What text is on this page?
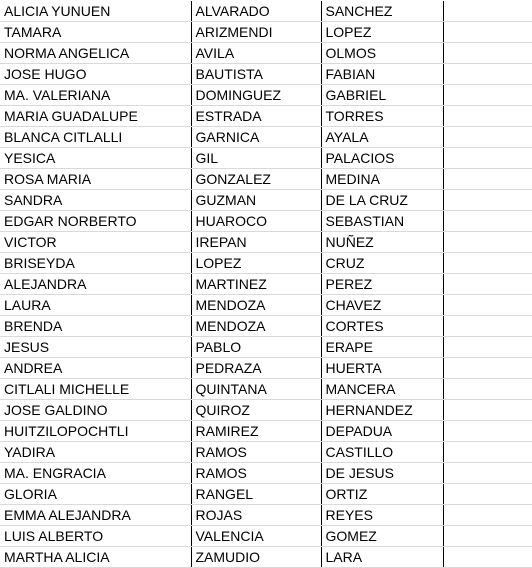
ALICIA YUNUEN	ALVARADO	SANCHEZ	
TAMARA	ARIZMENDI	LOPEZ	
NORMA ANGELICA	AVILA	OLMOS	
JOSE HUGO	BAUTISTA	FABIAN	
MA. VALERIANA	DOMINGUEZ	GABRIEL	
MARIA GUADALUPE	ESTRADA	TORRES	
BLANCA CITLALLI	GARNICA	AYALA	
YESICA	GIL	PALACIOS	
ROSA MARIA	GONZALEZ	MEDINA	
SANDRA	GUZMAN	DE LA CRUZ	
EDGAR NORBERTO	HUAROCO	SEBASTIAN	
VICTOR	IREPAN	NUÑEZ	
BRISEYDA	LOPEZ	CRUZ	
ALEJANDRA	MARTINEZ	PEREZ	
LAURA	MENDOZA	CHAVEZ	
BRENDA	MENDOZA	CORTES	
JESUS	PABLO	ERAPE	
ANDREA	PEDRAZA	HUERTA	
CITLALI MICHELLE	QUINTANA	MANCERA	
JOSE GALDINO	QUIROZ	HERNANDEZ	
HUITZILOPOCHTLI	RAMIREZ	DEPADUA	
YADIRA	RAMOS	CASTILLO	
MA. ENGRACIA	RAMOS	DE JESUS	
GLORIA	RANGEL	ORTIZ	
EMMA ALEJANDRA	ROJAS	REYES	
LUIS ALBERTO	VALENCIA	GOMEZ	
MARTHA ALICIA	ZAMUDIO	LARA	
